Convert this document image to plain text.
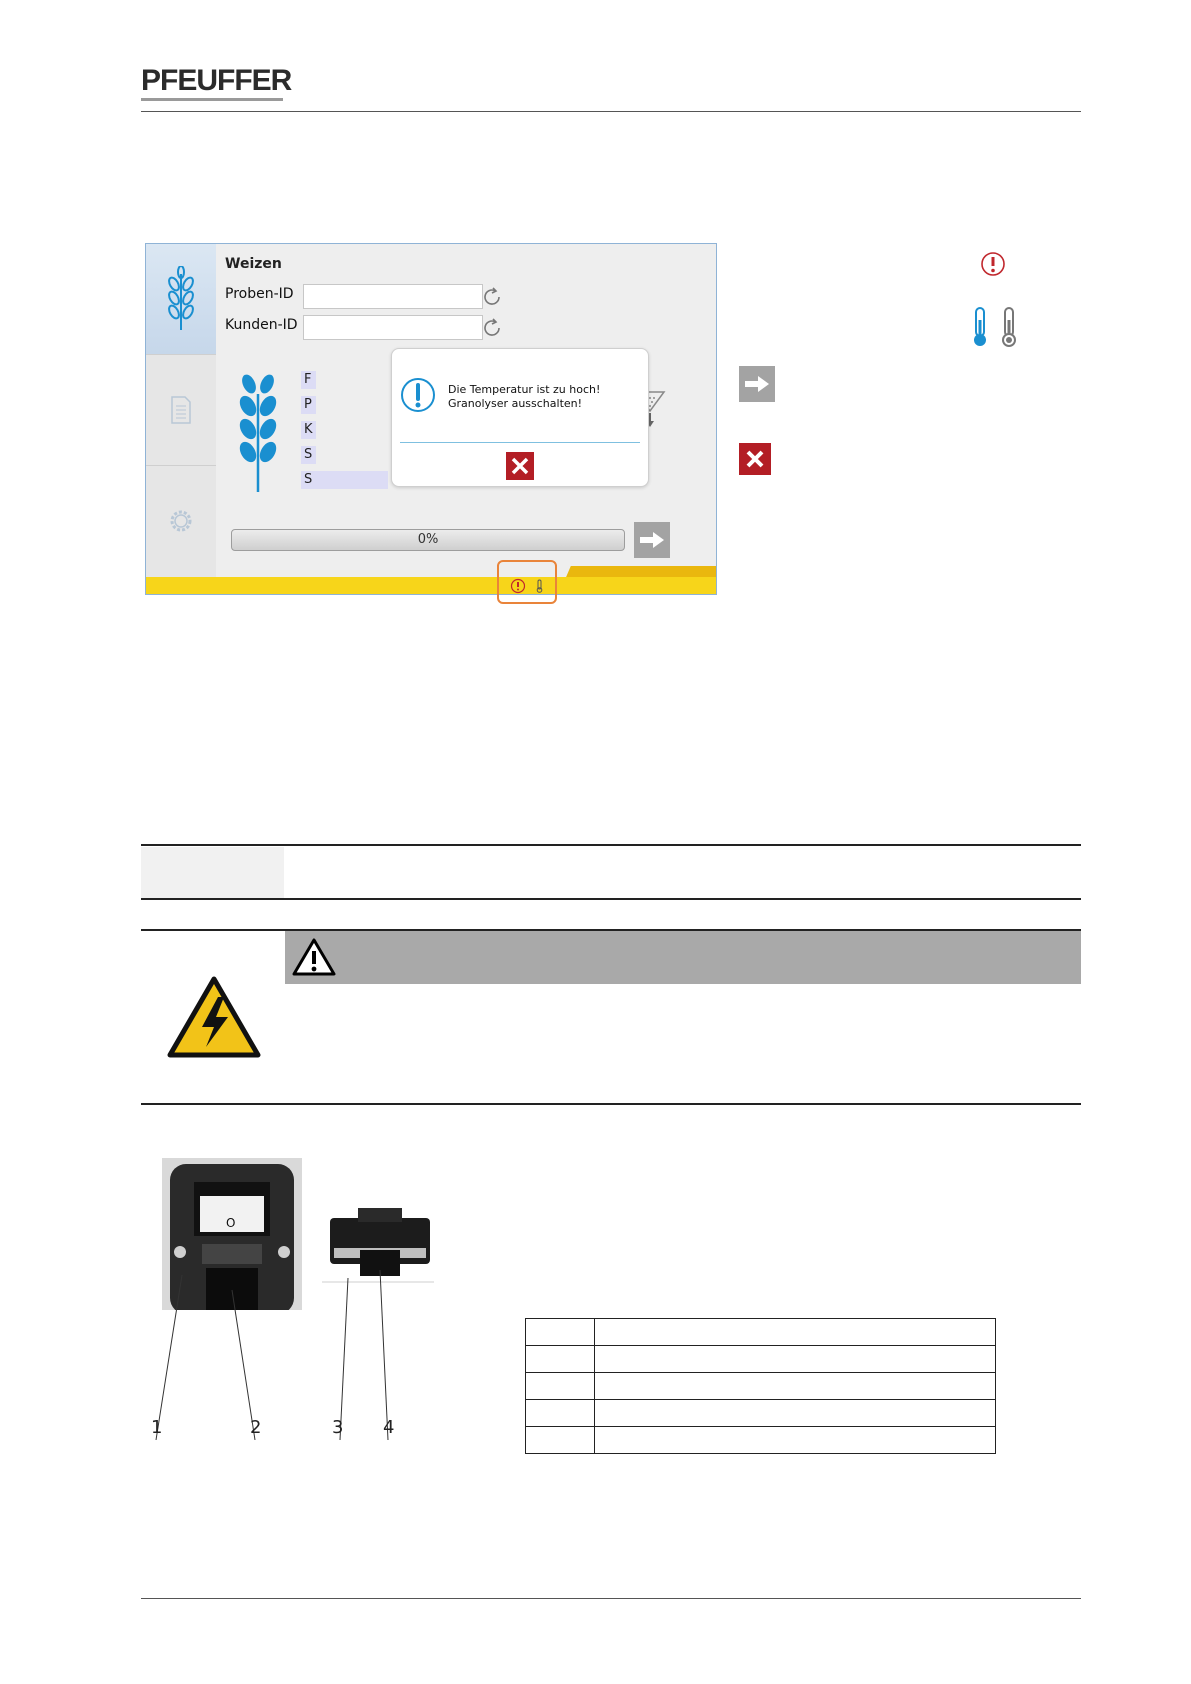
PFEUFFER
Weizen
Proben-ID
Kunden-ID
F
P
K
S
S
0%
Die Temperatur ist zu hoch!
Granolyser ausschalten!
O
1	2	3 4
